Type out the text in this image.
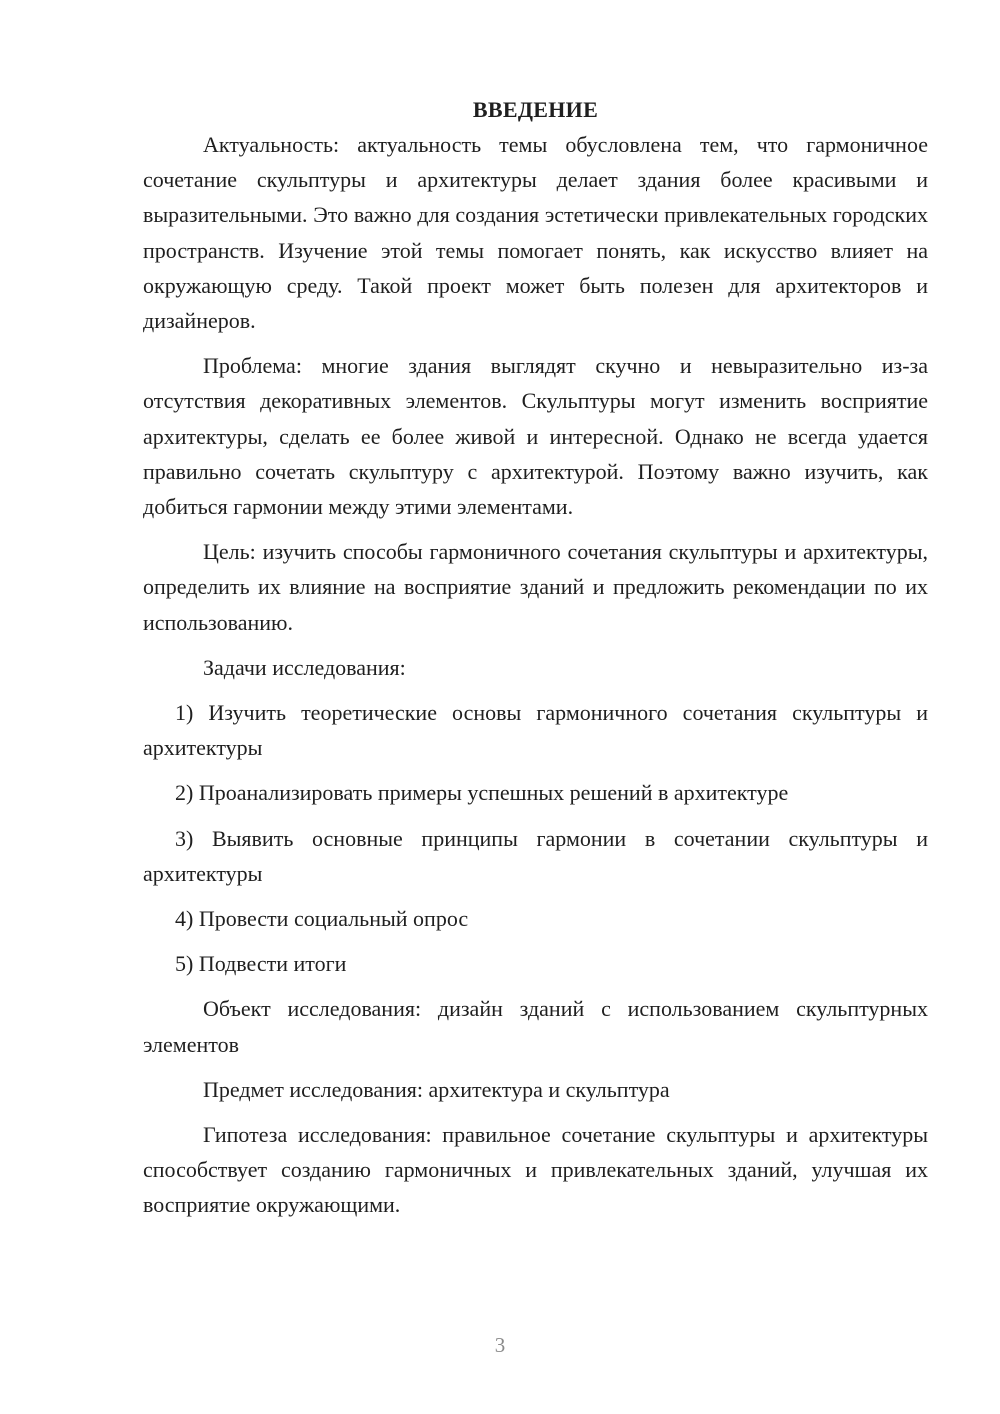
ВВЕДЕНИЕ

Актуальность: актуальность темы обусловлена тем, что гармоничное сочетание скульптуры и архитектуры делает здания более красивыми и выразительными. Это важно для создания эстетически привлекательных городских пространств. Изучение этой темы помогает понять, как искусство влияет на окружающую среду. Такой проект может быть полезен для архитекторов и дизайнеров.

Проблема: многие здания выглядят скучно и невыразительно из-за отсутствия декоративных элементов. Скульптуры могут изменить восприятие архитектуры, сделать ее более живой и интересной. Однако не всегда удается правильно сочетать скульптуру с архитектурой. Поэтому важно изучить, как добиться гармонии между этими элементами.

Цель: изучить способы гармоничного сочетания скульптуры и архитектуры, определить их влияние на восприятие зданий и предложить рекомендации по их использованию.

Задачи исследования:

1) Изучить теоретические основы гармоничного сочетания скульптуры и архитектуры

2) Проанализировать примеры успешных решений в архитектуре

3) Выявить основные принципы гармонии в сочетании скульптуры и архитектуры

4) Провести социальный опрос

5) Подвести итоги

Объект исследования: дизайн зданий с использованием скульптурных элементов

Предмет исследования: архитектура и скульптура

Гипотеза исследования: правильное сочетание скульптуры и архитектуры способствует созданию гармоничных и привлекательных зданий, улучшая их восприятие окружающими.

3
